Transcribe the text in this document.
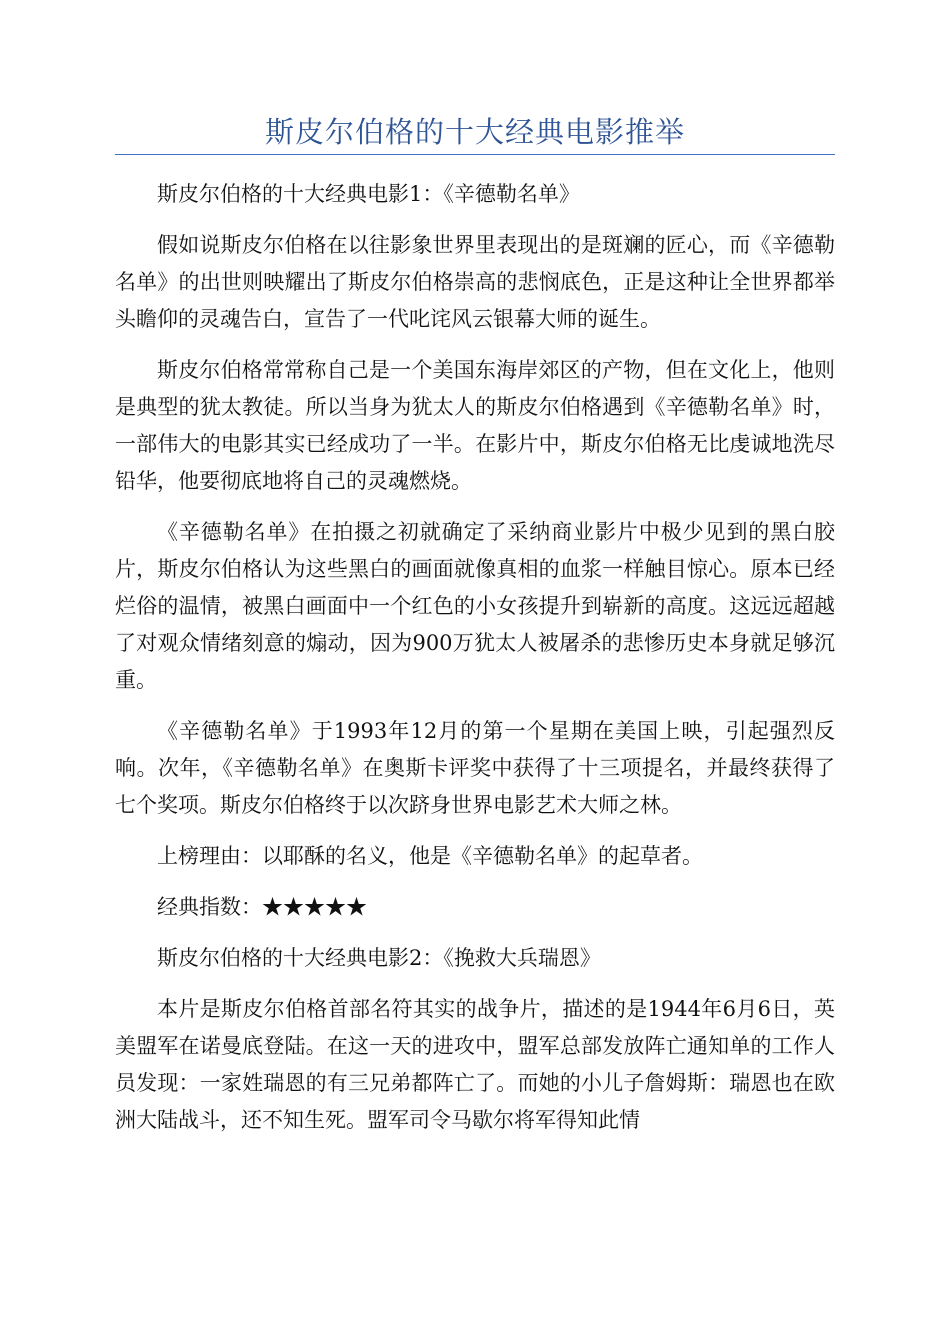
斯皮尔伯格的十大经典电影推举

斯皮尔伯格的十大经典电影1：《辛德勒名单》

假如说斯皮尔伯格在以往影象世界里表现出的是斑斓的匠心，而《辛德勒名单》的出世则映耀出了斯皮尔伯格崇高的悲悯底色，正是这种让全世界都举头瞻仰的灵魂告白，宣告了一代叱诧风云银幕大师的诞生。

斯皮尔伯格常常称自己是一个美国东海岸郊区的产物，但在文化上，他则是典型的犹太教徒。所以当身为犹太人的斯皮尔伯格遇到《辛德勒名单》时，一部伟大的电影其实已经成功了一半。在影片中，斯皮尔伯格无比虔诚地洗尽铅华，他要彻底地将自己的灵魂燃烧。

《辛德勒名单》在拍摄之初就确定了采纳商业影片中极少见到的黑白胶片，斯皮尔伯格认为这些黑白的画面就像真相的血浆一样触目惊心。原本已经烂俗的温情，被黑白画面中一个红色的小女孩提升到崭新的高度。这远远超越了对观众情绪刻意的煽动，因为900万犹太人被屠杀的悲惨历史本身就足够沉重。

《辛德勒名单》于1993年12月的第一个星期在美国上映，引起强烈反响。次年，《辛德勒名单》在奥斯卡评奖中获得了十三项提名，并最终获得了七个奖项。斯皮尔伯格终于以次跻身世界电影艺术大师之林。

上榜理由：以耶酥的名义，他是《辛德勒名单》的起草者。

经典指数：★★★★★

斯皮尔伯格的十大经典电影2：《挽救大兵瑞恩》

本片是斯皮尔伯格首部名符其实的战争片，描述的是1944年6月6日，英美盟军在诺曼底登陆。在这一天的进攻中，盟军总部发放阵亡通知单的工作人员发现：一家姓瑞恩的有三兄弟都阵亡了。而她的小儿子詹姆斯：瑞恩也在欧洲大陆战斗，还不知生死。盟军司令马歇尔将军得知此情
